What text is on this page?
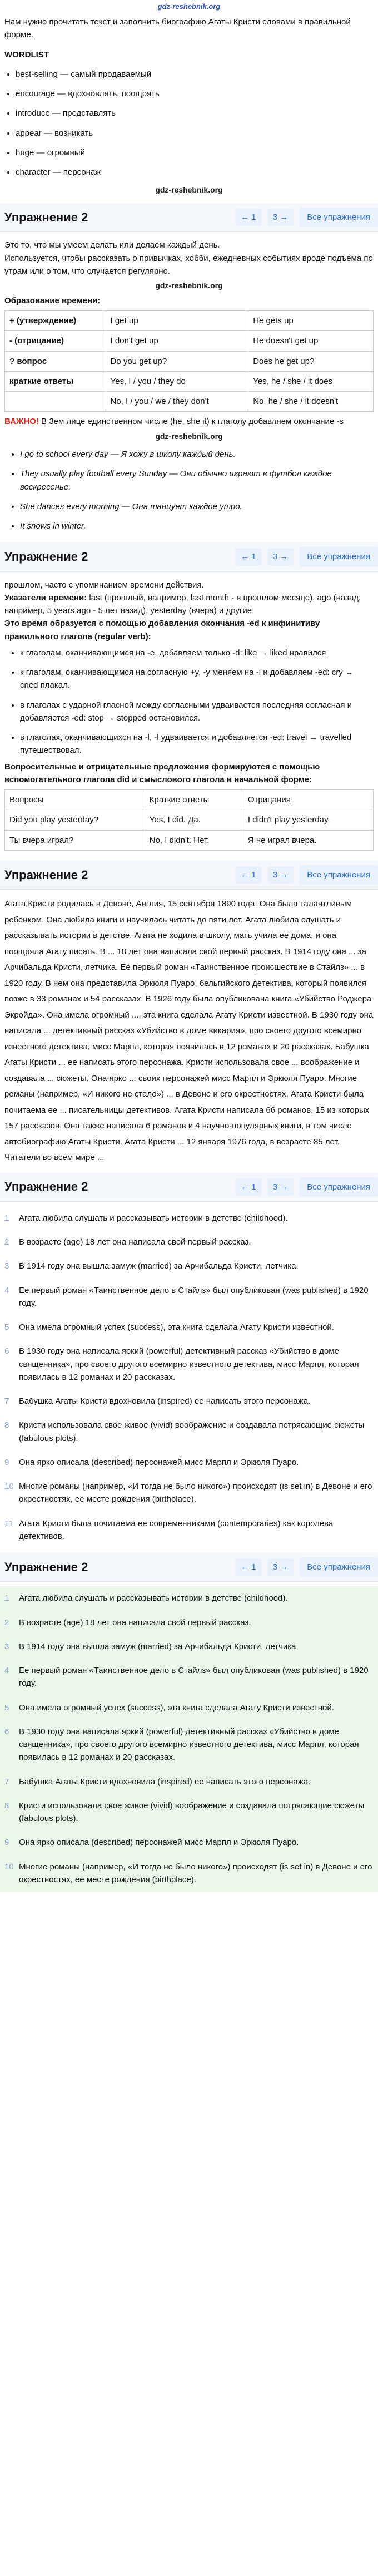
gdz-reshebnik.org
Нам нужно прочитать текст и заполнить биографию Агаты Кристи словами в правильной форме.
WORDLIST
• best-selling — самый продаваемый
• encourage — вдохновлять, поощрять
• introduce — представлять
• appear — возникать
• huge — огромный
• character — персонаж
gdz-reshebnik.org
Упражнение 2	← 1	3 →	Все упражнения

Это то, что мы умеем делать или делаем каждый день.

Используется, чтобы рассказать о привычках, хобби, ежедневных событиях вроде подъема по утрам или о том, что случается регулярно.

gdz-reshebnik.org

Образование времени:

+ (утверждение)	I get up	He gets up
- (отрицание)	I don't get up	He doesn't get up
? вопрос	Do you get up?	Does he get up?
краткие ответы	Yes, I / you / they do	Yes, he / she / it does
	No, I / you / we / they don't	No, he / she / it doesn't

ВАЖНО! В 3ем лице единственном числе (he, she it) к глаголу добавляем окончание -s

gdz-reshebnik.org
• I go to school every day — Я хожу в школу каждый день.
• They usually play football every Sunday — Они обычно играют в футбол каждое воскресенье.
• She dances every morning — Она танцует каждое утро.
• It snows in winter.
Упражнение 2	← 1	3 →	Все упражнения

прошлом, часто с упоминанием времени действия.

Указатели времени: last (прошлый, например, last month - в прошлом месяце), ago (назад, например, 5 years ago - 5 лет назад), yesterday (вчера) и другие.

Это время образуется с помощью добавления окончания -ed к инфинитиву правильного глагола (regular verb):

• к глаголам, оканчивающимся на -e, добавляем только -d: like → liked нравился.
• к глаголам, оканчивающимся на согласную +y, -y меняем на -i и добавляем -ed: cry → cried плакал.
• в глаголах с ударной гласной между согласными удваивается последняя согласная и добавляется -ed: stop → stopped остановился.
• в глаголах, оканчивающихся на -l, -l удваивается и добавляется -ed: travel → travelled путешествовал.

Вопросительные и отрицательные предложения формируются с помощью вспомогательного глагола did и смыслового глагола в начальной форме:

Вопросы	Краткие ответы	Отрицания
Did you play yesterday?	Yes, I did. Да.	I didn't play yesterday.
Ты вчера играл?	No, I didn't. Нет.	Я не играл вчера.
Упражнение 2	← 1	3 →	Все упражнения

Агата Кристи родилась в Девоне, Англия, 15 сентября 1890 года. Она была талантливым ребенком. Она любила книги и научилась читать до пяти лет. Агата любила слушать и рассказывать истории в детстве. Агата не ходила в школу, мать учила ее дома, и она поощряла Агату писать. В ... 18 лет она написала свой первый рассказ. В 1914 году она ... за Арчибальда Кристи, летчика. Ее первый роман «Таинственное происшествие в Стайлз» ... в 1920 году. В нем она представила Эркюля Пуаро, бельгийского детектива, который появился позже в 33 романах и 54 рассказах. В 1926 году была опубликована книга «Убийство Роджера Экройда». Она имела огромный ..., эта книга сделала Агату Кристи известной. В 1930 году она написала ... детективный рассказ «Убийство в доме викария», про своего другого всемирно известного детектива, мисс Марпл, которая появилась в 12 романах и 20 рассказах. Бабушка Агаты Кристи ... ее написать этого персонажа. Кристи использовала свое ... воображение и создавала ... сюжеты. Она ярко ... своих персонажей мисс Марпл и Эркюля Пуаро. Многие романы (например, «И никого не стало») ... в Девоне и его окрестностях. Агата Кристи была почитаема ее ... писательницы детективов. Агата Кристи написала 66 романов, 15 из которых 157 рассказов. Она также написала 6 романов и 4 научно-популярных книги, в том числе автобиографию Агаты Кристи. Агата Кристи ... 12 января 1976 года, в возрасте 85 лет. Читатели во всем мире ...

Упражнение 2	← 1	3 →	Все упражнения
1	Агата любила слушать и рассказывать истории в детстве (childhood).
2	В возрасте (age) 18 лет она написала свой первый рассказ.
3	В 1914 году она вышла замуж (married) за Арчибальда Кристи, летчика.
4	Ее первый роман «Таинственное дело в Стайлз» был опубликован (was published) в 1920 году.
5	Она имела огромный успех (success), эта книга сделала Агату Кристи известной.
6	В 1930 году она написала яркий (powerful) детективный рассказ «Убийство в доме священника», про своего другого всемирно известного детектива, мисс Марпл, которая появилась в 12 романах и 20 рассказах.
7	Бабушка Агаты Кристи вдохновила (inspired) ее написать этого персонажа.
8	Кристи использовала свое живое (vivid) воображение и создавала потрясающие сюжеты (fabulous plots).
9	Она ярко описала (described) персонажей мисс Марпл и Эркюля Пуаро.
10 Многие романы (например, «И тогда не было никого») происходят (is set in) в Девоне и его окрестностях, ее месте рождения (birthplace).
11 Агата Кристи была почитаема ее современниками (contemporaries) как королева детективов.
Упражнение 2	← 1	3 →	Все упражнения
1	Агата любила слушать и рассказывать истории в детстве (childhood).
2	В возрасте (age) 18 лет она написала свой первый рассказ.
3	В 1914 году она вышла замуж (married) за Арчибальда Кристи, летчика.
4	Ее первый роман «Таинственное дело в Стайлз» был опубликован (was published) в 1920 году.
5	Она имела огромный успех (success), эта книга сделала Агату Кристи известной.
6	В 1930 году она написала яркий (powerful) детективный рассказ «Убийство в доме священника», про своего другого всемирно известного детектива, мисс Марпл, которая появилась в 12 романах и 20 рассказах.
7	Бабушка Агаты Кристи вдохновила (inspired) ее написать этого персонажа.
8	Кристи использовала свое живое (vivid) воображение и создавала потрясающие сюжеты (fabulous plots).
9	Она ярко описала (described) персонажей мисс Марпл и Эркюля Пуаро.
10 Многие романы (например, «И тогда не было никого») происходят (is set in) в Девоне и его окрестностях, ее месте рождения (birthplace).
